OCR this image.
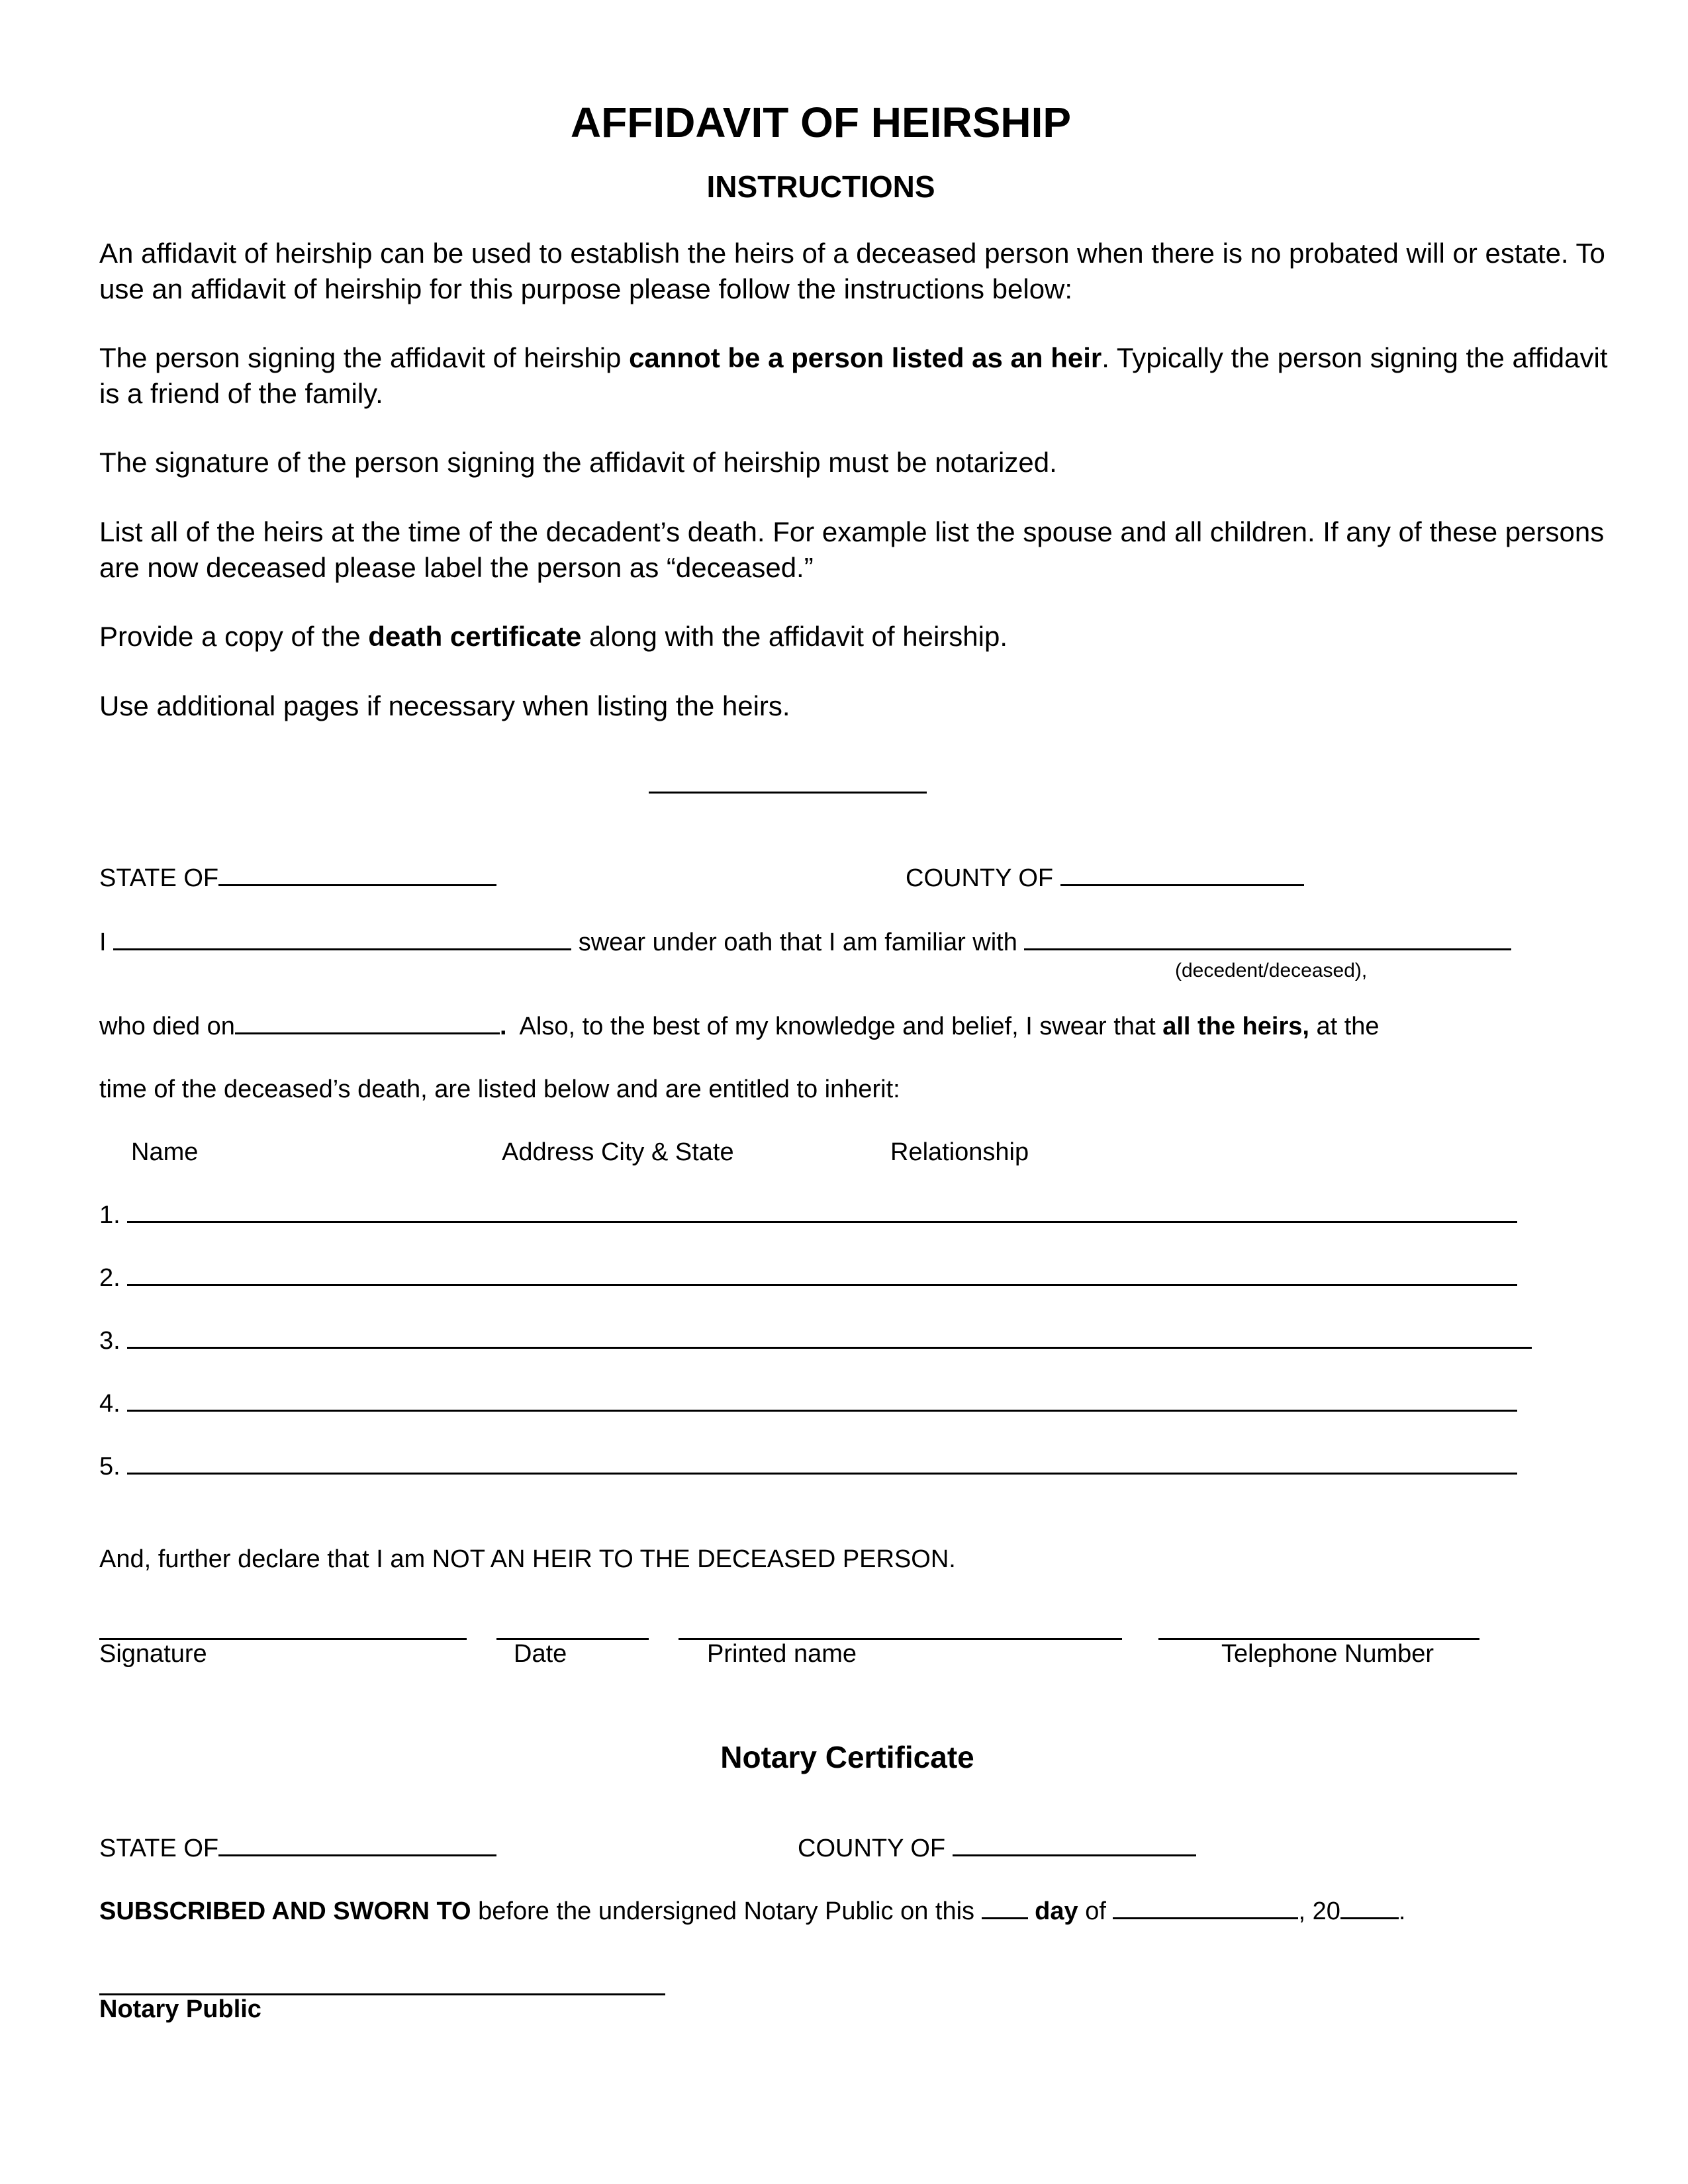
AFFIDAVIT OF HEIRSHIP
INSTRUCTIONS
An affidavit of heirship can be used to establish the heirs of a deceased person when there is no probated will or estate. To use an affidavit of heirship for this purpose please follow the instructions below:
The person signing the affidavit of heirship cannot be a person listed as an heir. Typically the person signing the affidavit is a friend of the family.
The signature of the person signing the affidavit of heirship must be notarized.
List all of the heirs at the time of the decadent’s death. For example list the spouse and all children. If any of these persons are now deceased please label the person as “deceased.”
Provide a copy of the death certificate along with the affidavit of heirship.
Use additional pages if necessary when listing the heirs.
STATE OF	COUNTY OF
I	swear under oath that I am familiar with
(decedent/deceased),
who died on	. Also, to the best of my knowledge and belief, I swear that all the heirs, at the
time of the deceased’s death, are listed below and are entitled to inherit:
Name	Address City & State	Relationship
1.
2.
3.
4.
5.
And, further declare that I am NOT AN HEIR TO THE DECEASED PERSON.
Signature	Date	Printed name	Telephone Number
Notary Certificate
STATE OF	COUNTY OF
SUBSCRIBED AND SWORN TO before the undersigned Notary Public on this  day of	, 20 .
Notary Public
